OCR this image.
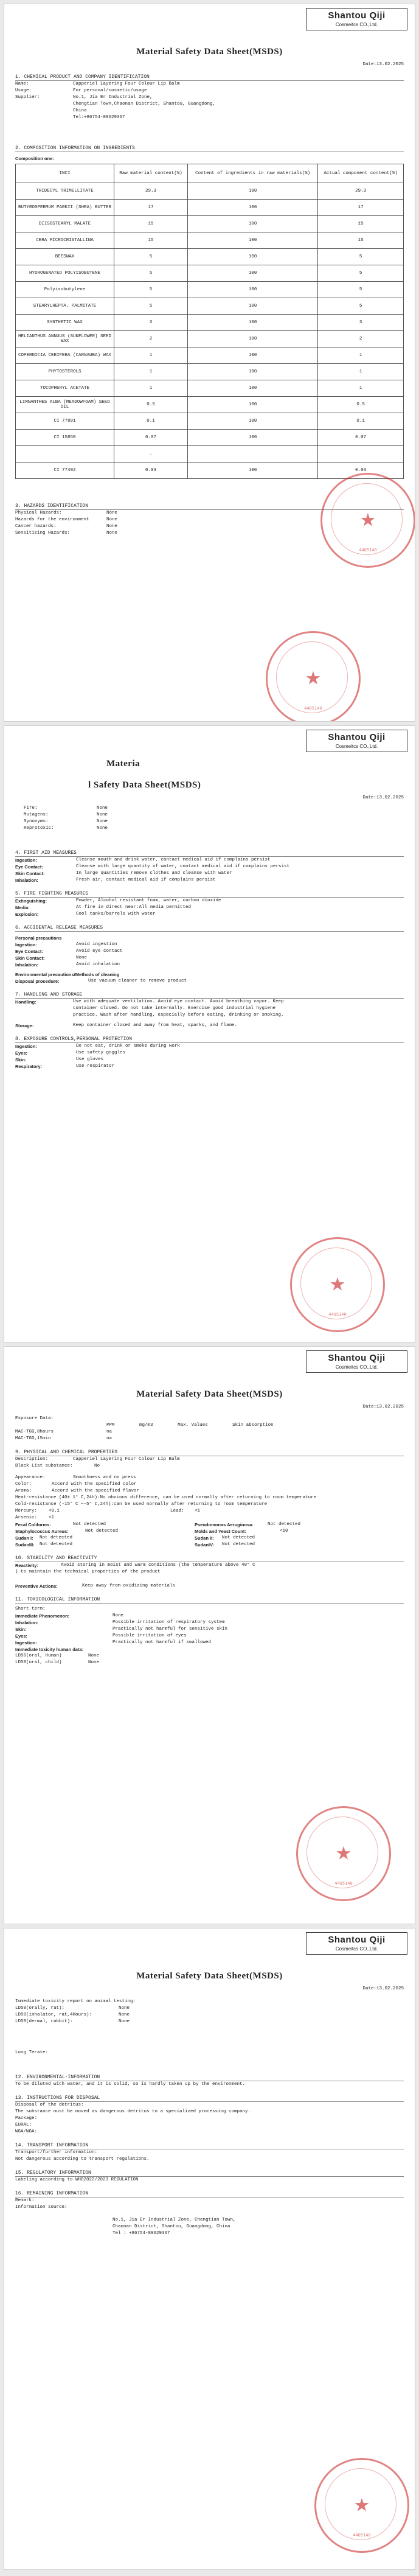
Shantou Qiji
Cosmeitcs CO.,Ltd.
Material Safety Data Sheet(MSDS)
Date:13.02.2025
1. CHEMICAL PRODUCT AND COMPANY IDENTIFICATION
Name:	Capperiel Layering Four Colour Lip Balm
Usage:	For personal/cosmetic/usage
Supplier:	No.1, Jia Er Industrial Zone,
Chengtian Town,Chaonan District, Shantou, Guangdong,
China
Tel:+86754-89629367
2. COMPOSITION INFORMATION ON INGREDIENTS
Composition one:
INCI	Raw material content(%)	Content of ingredients in raw materials(%)	Actual component content(%)
TRIDECYL TRIMELLITATE	29.3	100	29.3
BUTYROSPERMUM PARKII (SHEA) BUTTER	17	100	17
DIISOSTEARYL MALATE	15	100	15
CERA MICROCRISTALLINA	15	100	15
BEESWAX	5	100	5
HYDROGENATED POLYISOBUTENE	5	100	5
Polyisobutylene	5	100	5
STEARYLHEPTA. PALMITATE	5	100	5
SYNTHETIC WAX	3	100	3
HELIANTHUS ANNUUS (SUNFLOWER) SEED WAX	2	100	2
COPERNICIA CERIFERA (CARNAUBA) WAX	1	100	1
PHYTOSTEROLS	1	100	1
TOCOPHERYL ACETATE	1	100	1
LIMNANTHES ALBA (MEADOWFOAM) SEED OIL	0.5	100	0.5
CI 77891	0.1	100	0.1
CI 15850	0.07	100	0.07
	.		
CI 77492	0.03	100	0.03
3. HAZARDS IDENTIFICATION
Physical Hazards:	None
Hazards for the environment	None
Cancer hazards:	None
Sensitizing Hazards:	None
★
4405140
★
4405140
Shantou Qiji
Cosmeitcs CO.,Ltd.
Materia
l Safety Data Sheet(MSDS)
Date:13.02.2025
Fire:	None
Mutagens:	None
Synonyms:	None
Reprotoxic:	None
4. FIRST AID MEASURES
Ingestion:	Cleanse mouth and drink water, contact medical aid if complains persist
Eye Contact:	Cleanse with large quantity of water, contact medical aid if complains persist
Skin Contact:	In large quantities remove clothes and cleanse with water
Inhalation:	Fresh air, contact medical aid if complains persist
5. FIRE FIGHTING MEASURES
Extinguishing:	Powder, Alcohol resistant foam, water, carbon dioxide
Media:	At fire in direct near:All media permitted
Explosion:	Cool tanks/barrels with water
6. ACCIDENTAL RELEASE MEASURES
Personal precautions
Ingestion:	Avoid ingestion
Eye Contact:	Avoid eye contact
Skin Contact:	None
Inhalation:	Avoid inhalation
Environmental precautions/Methods of cleaning
Disposal procedure:	Use vacuum cleaner to remove product
7. HANDLING AND STORAGE
Handling:	Use with adequate ventilation. Avoid eye contact. Avoid breathing vapor. Keep
container closed. Do not take internally. Exercise good industrial hygiene
practice. Wash after handling, especially before eating, drinking or smoking.
Storage:	Keep container closed and away from heat, sparks, and flame.
8. EXPOSURE CONTROLS,PERSONAL PROTECTION
Ingestion:	Do not eat, drink or smoke during work
Eyes:	Use safety goggles
Skin:	Use gloves
Respiratory:	Use respirator
★
4405140
Shantou Qiji
Cosmeitcs CO.,Ltd.
Material Safety Data Sheet(MSDS)
Date:13.02.2025
Exposure Data:
PPM	mg/m3	Max. Values	Skin absorption
MAC-TGG,8hours	na
MAC-TGG,15min	na
9. PHYSICAL AND CHEMICAL PROPERTIES
Description:	Capperiel Layering Four Colour Lip Balm
Black List substance:	No
Appearance:	Smoothness and no press
Color:	Accord with the specified color
Aroma:	Accord with the specified flavor
Heat-resistance (40± 1° C,24h):No obvious difference, can be used normally after returning to room temperature
Cold-resistance (-15° C ~-5° C,24h):can be used normally after returning to room temperature
Mercury:	<0.1	Lead:	<1
Arsenic:	<1
Fecal Coliforms:	Not detected	Pseudomonas Aeruginosa:	Not detected
Staphylococcus Aureus:	Not detected	Molds and Yeast Count:	<10
Sudan I:	Not detected	Sudan II:	Not detected
SudanIII:	Not detected	SudanIV:	Not detected
10. STABILITY AND REACTIVITY
Reactivity:	Avoid storing in moist and warm conditions (the temperature above 40° C
) to maintain the technical properties of the product
Preventive Actions:	Keep away from oxidizing materials
11. TOXICOLOGICAL INFORMATION
Short term:
Immediate Phenomenon:	None
Inhalation:	Possible irritation of respiratory system
Skin:	Practically not harmful for sensitive skin
Eyes:	Possible irritation of eyes
Ingestion:	Practically not harmful if swallowed
Immediate toxicity human data:
LD50(oral, Human)	None
LD50(oral, child)	None
★
4405140
Shantou Qiji
Cosmeitcs CO.,Ltd.
Material Safety Data Sheet(MSDS)
Date:13.02.2025
Immediate toxicity report on animal testing:
LD50(orally, rat):	None
LD50(inhalator, rat,4Hours):	None
LD50(dermal, rabbit):	None
Long Terate:
12. ENVIRONMENTAL-INFORMATION
To be diluted with water, and it is solid, so is hardly taken up by the environment.
13. INSTRUCTIONS FOR DISPOSAL
Disposal of the detritus:
The substance must be moved as dangerous detritus to a specialized processing company.
Package:
EURAL:
WGA/WGA:
14. TRANSPORT INFORMATION
Transport/further information:
Not dangerous according to transport regulations.
15. REGULATORY INFORMATION
Labeling according to WHO2022/2023 REGULATION
16. REMAINING INFORMATION
Remark:
Information source:
No.1, Jia Er Industrial Zone, Chengtian Town,
Chaonan District, Shantou, Guangdong, China
Tel : +86754-89629367
★
4405140
